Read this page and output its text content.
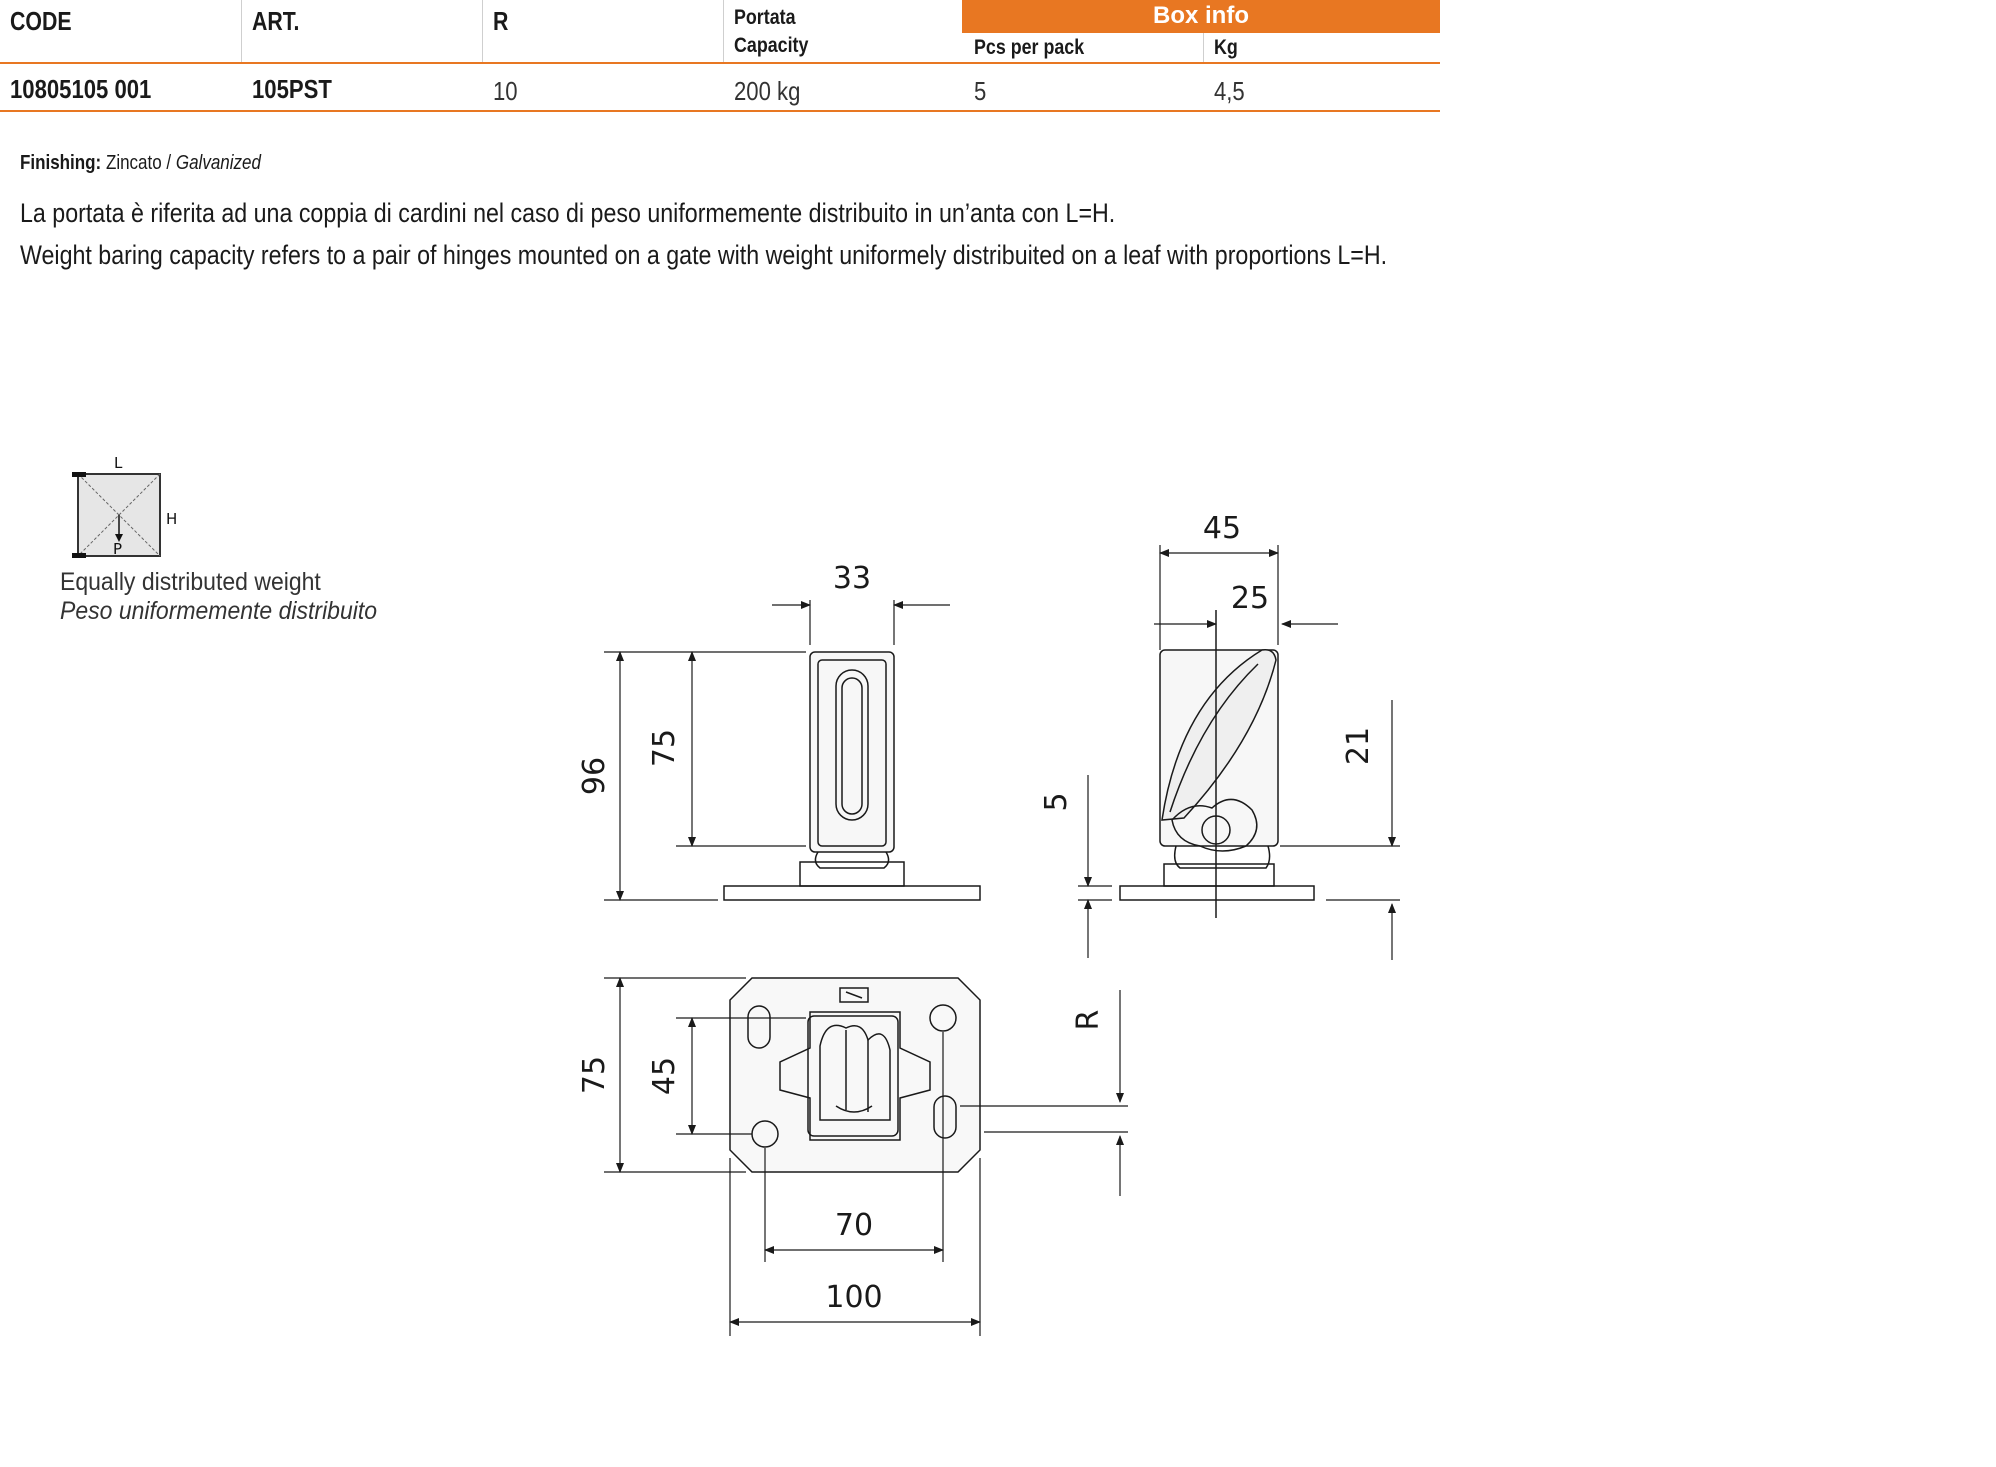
CODE	ART.	R	Portata
Capacity
Box info
Pcs per pack	Kg
10805105 001	105PST	10	200 kg	5	4,5
Finishing: Zincato / Galvanized
La portata è riferita ad una coppia di cardini nel caso di peso uniformemente distribuito in un’anta con L=H.
Weight baring capacity refers to a pair of hinges mounted on a gate with weight uniformely distribuited on a leaf with proportions L=H.
L
H
P
Equally distributed weight
Peso uniformemente distribuito
33
96
75
45
25
21
5
75 45
70
100
R
